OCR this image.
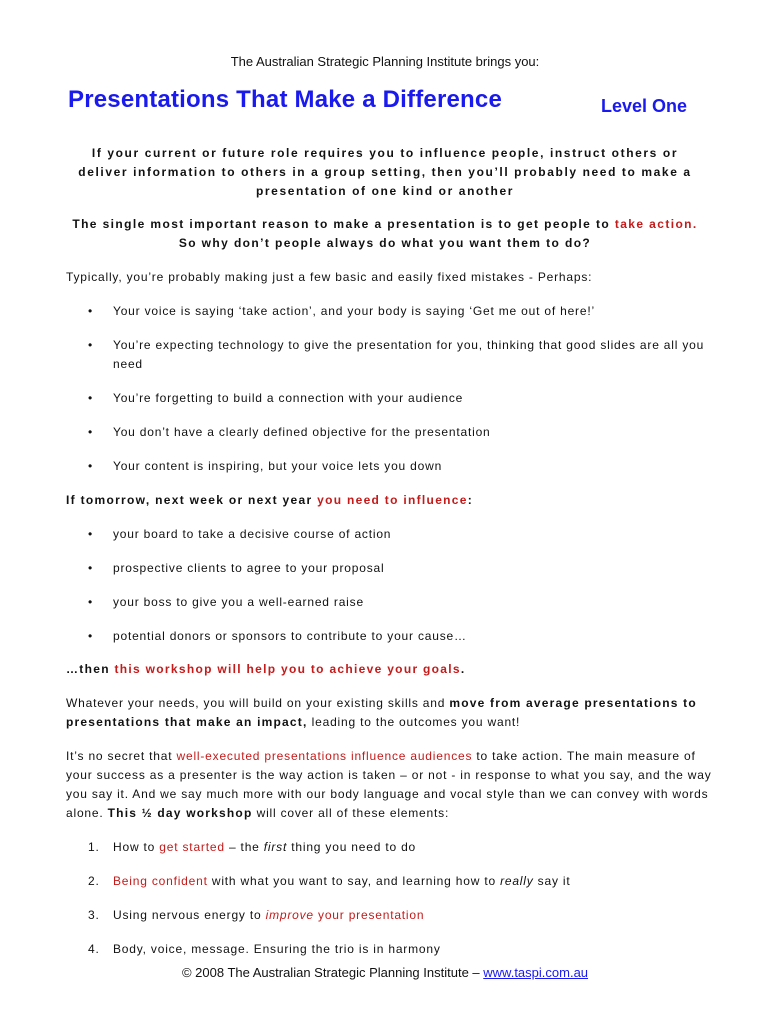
The Australian Strategic Planning Institute brings you:
Presentations That Make a Difference	Level One
If your current or future role requires you to influence people, instruct others or deliver information to others in a group setting, then you’ll probably need to make a presentation of one kind or another
The single most important reason to make a presentation is to get people to take action. So why don’t people always do what you want them to do?
Typically, you’re probably making just a few basic and easily fixed mistakes - Perhaps:
• Your voice is saying ‘take action’, and your body is saying ‘Get me out of here!’
• You’re expecting technology to give the presentation for you, thinking that good slides are all you need
• You’re forgetting to build a connection with your audience
• You don’t have a clearly defined objective for the presentation
• Your content is inspiring, but your voice lets you down
If tomorrow, next week or next year you need to influence:
• your board to take a decisive course of action
• prospective clients to agree to your proposal
• your boss to give you a well-earned raise
• potential donors or sponsors to contribute to your cause…
…then this workshop will help you to achieve your goals.
Whatever your needs, you will build on your existing skills and move from average presentations to presentations that make an impact, leading to the outcomes you want!
It’s no secret that well-executed presentations influence audiences to take action. The main measure of your success as a presenter is the way action is taken – or not - in response to what you say, and the way you say it. And we say much more with our body language and vocal style than we can convey with words alone. This ½ day workshop will cover all of these elements:
1. How to get started – the first thing you need to do
2. Being confident with what you want to say, and learning how to really say it
3. Using nervous energy to improve your presentation
4. Body, voice, message. Ensuring the trio is in harmony
© 2008 The Australian Strategic Planning Institute – www.taspi.com.au
